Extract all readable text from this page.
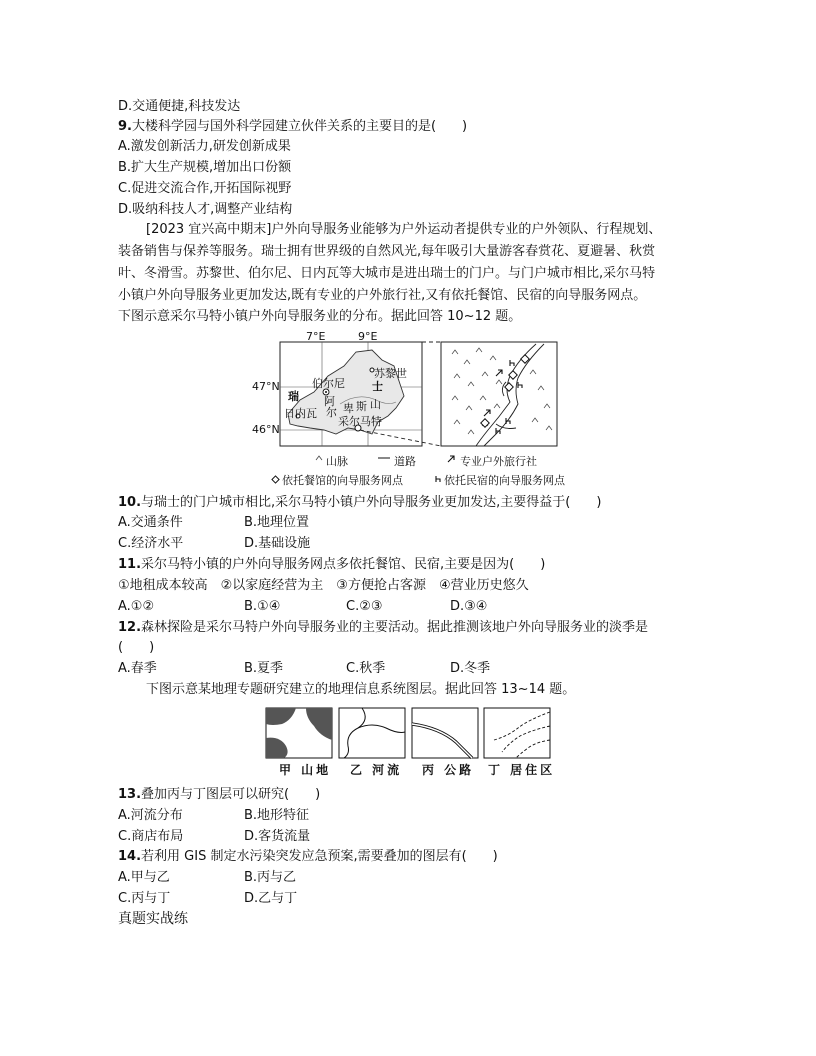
D.交通便捷,科技发达
9.大楼科学园与国外科学园建立伙伴关系的主要目的是(　　)
A.激发创新活力,研发创新成果
B.扩大生产规模,增加出口份额
C.促进交流合作,开拓国际视野
D.吸纳科技人才,调整产业结构
[2023 宜兴高中期末]户外向导服务业能够为户外运动者提供专业的户外领队、行程规划、
装备销售与保养等服务。瑞士拥有世界级的自然风光,每年吸引大量游客春赏花、夏避暑、秋赏
叶、冬滑雪。苏黎世、伯尔尼、日内瓦等大城市是进出瑞士的门户。与门户城市相比,采尔马特
小镇户外向导服务业更加发达,既有专业的户外旅行社,又有依托餐馆、民宿的向导服务网点。
下图示意采尔马特小镇户外向导服务业的分布。据此回答 10~12 题。
7°E	9°E
47°N
46°N
苏黎世
伯尔尼
日内瓦
瑞
士
阿
尔 卑 斯 山
采尔马特
山脉	道路	专业户外旅行社
依托餐馆的向导服务网点	依托民宿的向导服务网点
10.与瑞士的门户城市相比,采尔马特小镇户外向导服务业更加发达,主要得益于(　　)
A.交通条件	B.地理位置
C.经济水平	D.基础设施
11.采尔马特小镇的户外向导服务网点多依托餐馆、民宿,主要是因为(　　)
①地租成本较高　②以家庭经营为主　③方便抢占客源　④营业历史悠久
A.①②	B.①④	C.②③	D.③④
12.森林探险是采尔马特户外向导服务业的主要活动。据此推测该地户外向导服务业的淡季是
(　　)
A.春季	B.夏季	C.秋季	D.冬季
下图示意某地理专题研究建立的地理信息系统图层。据此回答 13~14 题。
甲 山地 乙 河流 丙 公路 丁 居住区
13.叠加丙与丁图层可以研究(　　)
A.河流分布	B.地形特征
C.商店布局	D.客货流量
14.若利用 GIS 制定水污染突发应急预案,需要叠加的图层有(　　)
A.甲与乙	B.丙与乙
C.丙与丁	D.乙与丁
真题实战练
